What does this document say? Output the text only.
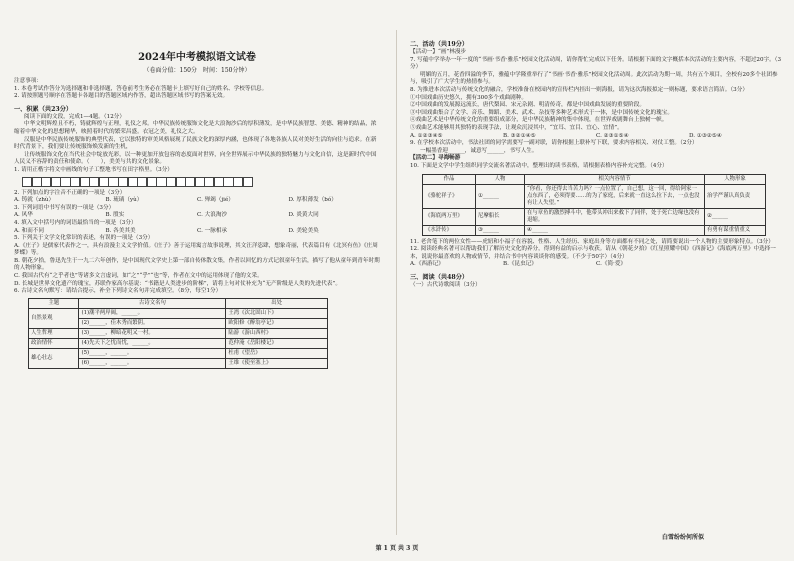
2024年中考模拟语文试卷
（卷面分值：150分　时间：150分钟）

注意事项：

1. 本卷考试作答分为选择题和非选择题，答卷前考生务必在答题卡上填写好自己的姓名、学校等信息。

2. 请按照题号顺序在答题卡各题目的答题区域内作答，超出答题区域书写的答案无效。

一、积累（共23分）

阅读下面的文段，完成1—4题。（12分）

中华文明辉煌且不朽，铸就辉煌与正理，礼仪之邦。中华民族传统服饰文化是大浪淘沙后的厚积薄发，是中华民族智慧、美德、精神的结晶，浓缩着中华文化的思想精华，映照着时代的繁荣昌盛。衣冠之美，礼仪之大。

汉服是中华民族传统服饰的典型代表，它以独特的审美风格展现了民族文化的深厚内涵，也体现了各地各族人民对美好生活的向往与追求。在新时代背景下，我们要让传统服饰焕发新的生机，

让传统服饰文化在当代社会中绽放光彩，以一种更加开放包容的态度面对世界，向全世界展示中华民族的独特魅力与文化自信，这是新时代中国人民义不容辞的责任和使命。（　　），美美与共的文化景象。

1. 请用正楷字将文中画线的句子工整地书写在田字格里。（3分）

2. 下列加点的字注音不正确的一项是（3分）

A. 铸就（zhù）	B. 琉璃（yù）	C. 殚竭（jié）	D. 厚积薄发（bó）

3. 下列词语中书写有误的一项是（3分）

A. 风华	B. 殷实	C. 大浪淘沙	D. 炎黄大同

4. 填入文中括号内的词语最恰当的一项是（3分）

A. 和而不同	B. 各美其美	C. 一脉相承	D. 美轮美奂

5. 下列关于文学文化常识的表述，有误的一项是（3分）

A.《庄子》是儒家代表作之一，具有浪漫主义文学价值。《庄子》善于运用寓言故事说理，其文汪洋恣肆，想象奇丽，代表篇目有《北冥有鱼》《庄周梦蝶》等。

B. 朝花夕拾，鲁迅先生于一九二六年创作，是中国现代文学史上第一部自传体散文集，作者以回忆的方式记叙童年生活，描写了他从童年到青年时期的人物形象。

C. 我国古代有“之乎者也”等诸多文言虚词，如“之”“乎”“也”等，作者在文中的运用体现了他的文采。

D. 长城是世界文化遗产的瑰宝，苏联作家高尔基说：“书籍是人类进步的阶梯”，请将上句对仗补充为“无产阶级是人类的先进代表”。

6. 古诗文名句默写：请结合提示，补全下列诗文名句并完成填空。（8分，每空1分）

主题	古诗文名句	出处
自然景观	(1)潮平两岸阔，______。	王湾《次北固山下》
	(2)______，佳木秀而繁阴。	欧阳修《醉翁亭记》
人生哲理	(3)______，柳暗花明又一村。	陆游《游山西村》
政治情怀	(4)先天下之忧而忧，______。	范仲淹《岳阳楼记》
雄心壮志	(5)______，______。	杜甫《望岳》
	(6)______，______。	王维《使至塞上》

二、活动（共19分）

【活动一】“画”林漫步

7. 写蕴中学举办一年一度的“书画·书香·雅乐”校园文化活动周，请你帮忙完成以下任务。请根据下面的文字概括本次活动的主要内容，不超过20字。（3分）

明媚的五月，花香四溢的季节，雅蕴中学隆重举行了“书画·书香·雅乐”校园文化活动周。此次活动为期一周，共有五个项目，全校有20多个社团参与，吸引了广大学生的热情参与。

8. 为推进本次活动与传统文化的融合，学校准备在校园内的宣传栏内挂出一则海报，请为这次海报拟定一则标题，要求语言简洁。（3分）

①中国戏曲历史悠久，拥有300多个戏曲剧种。

②中国戏曲的发展源远流长，唐代梨园、宋元杂剧、明清传奇，都是中国戏曲发展的重要阶段。

③中国戏曲集合了文学、音乐、舞蹈、美术、武术、杂技等多种艺术形式于一体，是中国传统文化的瑰宝。

④戏曲艺术是中华传统文化的重要组成部分，是中华民族精神的集中体现，在世界戏剧舞台上独树一帜。

⑤戏曲艺术能够用其独特的表现手法，让观众沉浸其中，“宜耳、宜目、宜心、宜情”。

A. ①②③④⑤	B. ③②①④⑤	C. ②③①⑤④	D. ①③②⑤④

9. 在学校本次活动中，书法社团的同学需要写一副对联，请你根据上联补写下联，要求内容相关、对仗工整。（2分）

一幅墨香迎______，诚意写______，书写人生。

【活动二】寻海畅游

10. 下面是文学中学生组织同学交流名著活动中，整理出的读书表格，请根据表格内容补充完整。（4分）

作品	人物	相关内容情节	人物形象
《骆驼祥子》	①______	“你看，你还得去当苦力吗？一点位置了，自己想，这一回，得给阿家一点东西了，必须得要……的为了家庭，后来就一直这么拉下去，一点也没有让人失望。”	治学严谨认真负责
《海底两万里》	尼摩船长	在与章鱼的激烈搏斗中，他带头冲出来救下了同伴，处于死亡边缘也没有退缩。	②______
《水浒传》	③______	④______	有勇有谋重情重义

11. 老舍笔下的两位女性——虎妞和小福子在容貌、性格、人生经历、家庭出身等方面都有不同之处，请简要说出一个人物的主要形象特点。（3分）

12. 阅读经典名著可以帮助我们了解历史文化的养分，得到有益的启示与收获。请从《朝花夕拾》《红星照耀中国》《西游记》《海底两万里》中选择一本，说说你最喜欢的人物或情节，并结合书中内容谈谈你的感受。（不少于50字）（4分）

A.《西游记》	B.《昆虫记》	C.《简·爱》

三、阅读（共48分）

（一）古代诗歌阅读（3分）

白雪纷纷何所似
第 1 页 共 3 页
